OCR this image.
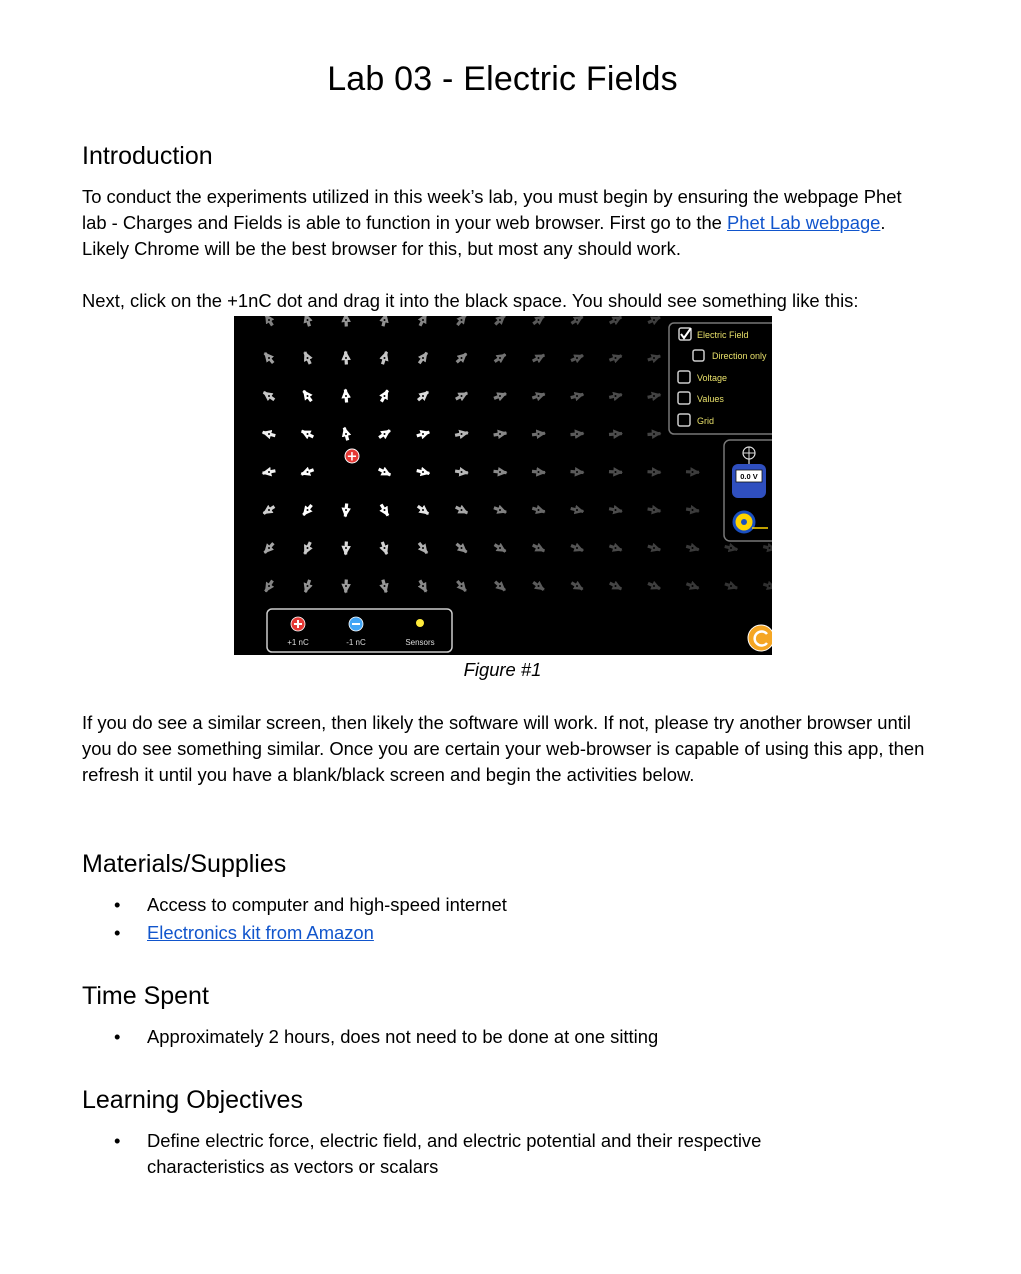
Lab 03 - Electric Fields
Introduction

To conduct the experiments utilized in this week’s lab, you must begin by ensuring the webpage Phet lab - Charges and Fields is able to function in your web browser. First go to the Phet Lab webpage. Likely Chrome will be the best browser for this, but most any should work.

Next, click on the +1nC dot and drag it into the black space. You should see something like this:

+
Electric Field
Direction only
Voltage
Values
Grid
0.0 V
+1 nC	-1 nC	Sensors
Figure #1

If you do see a similar screen, then likely the software will work. If not, please try another browser until you do see something similar. Once you are certain your web-browser is capable of using this app, then refresh it until you have a blank/black screen and begin the activities below.

Materials/Supplies
• Access to computer and high-speed internet
• Electronics kit from Amazon
Time Spent
• Approximately 2 hours, does not need to be done at one sitting
Learning Objectives
• Define electric force, electric field, and electric potential and their respective characteristics as vectors or scalars
